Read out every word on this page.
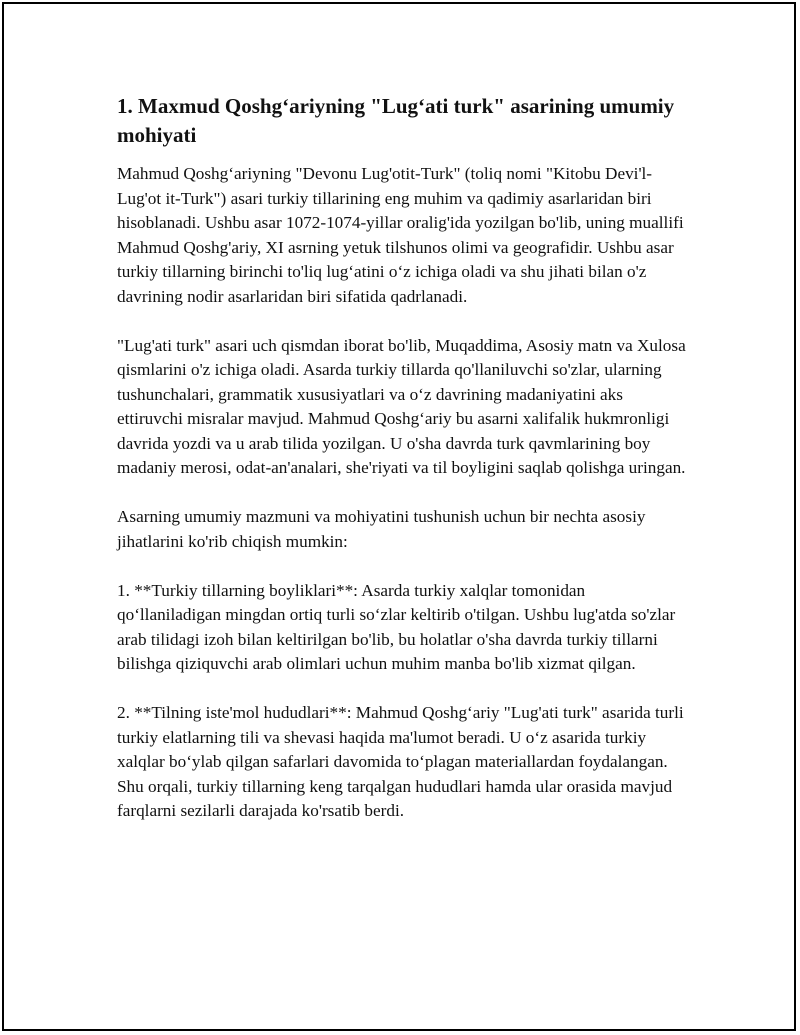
1. Maxmud Qoshg‘ariyning "Lug‘ati turk" asarining umumiy mohiyati

Mahmud Qoshg‘ariyning "Devonu Lug'otit-Turk" (toliq nomi "Kitobu Devi'l-Lug'ot it-Turk") asari turkiy tillarining eng muhim va qadimiy asarlaridan biri hisoblanadi. Ushbu asar 1072-1074-yillar oralig'ida yozilgan bo'lib, uning muallifi Mahmud Qoshg'ariy, XI asrning yetuk tilshunos olimi va geografidir. Ushbu asar turkiy tillarning birinchi to'liq lug‘atini o‘z ichiga oladi va shu jihati bilan o'z davrining nodir asarlaridan biri sifatida qadrlanadi.

"Lug'ati turk" asari uch qismdan iborat bo'lib, Muqaddima, Asosiy matn va Xulosa qismlarini o'z ichiga oladi. Asarda turkiy tillarda qo'llaniluvchi so'zlar, ularning tushunchalari, grammatik xususiyatlari va o‘z davrining madaniyatini aks ettiruvchi misralar mavjud. Mahmud Qoshg‘ariy bu asarni xalifalik hukmronligi davrida yozdi va u arab tilida yozilgan. U o'sha davrda turk qavmlarining boy madaniy merosi, odat-an'analari, she'riyati va til boyligini saqlab qolishga uringan.

Asarning umumiy mazmuni va mohiyatini tushunish uchun bir nechta asosiy jihatlarini ko'rib chiqish mumkin:

1. **Turkiy tillarning boyliklari**: Asarda turkiy xalqlar tomonidan qo‘llaniladigan mingdan ortiq turli so‘zlar keltirib o'tilgan. Ushbu lug'atda so'zlar arab tilidagi izoh bilan keltirilgan bo'lib, bu holatlar o'sha davrda turkiy tillarni bilishga qiziquvchi arab olimlari uchun muhim manba bo'lib xizmat qilgan.

2. **Tilning iste'mol hududlari**: Mahmud Qoshg‘ariy "Lug'ati turk" asarida turli turkiy elatlarning tili va shevasi haqida ma'lumot beradi. U o‘z asarida turkiy xalqlar bo‘ylab qilgan safarlari davomida to‘plagan materiallardan foydalangan. Shu orqali, turkiy tillarning keng tarqalgan hududlari hamda ular orasida mavjud farqlarni sezilarli darajada ko'rsatib berdi.
